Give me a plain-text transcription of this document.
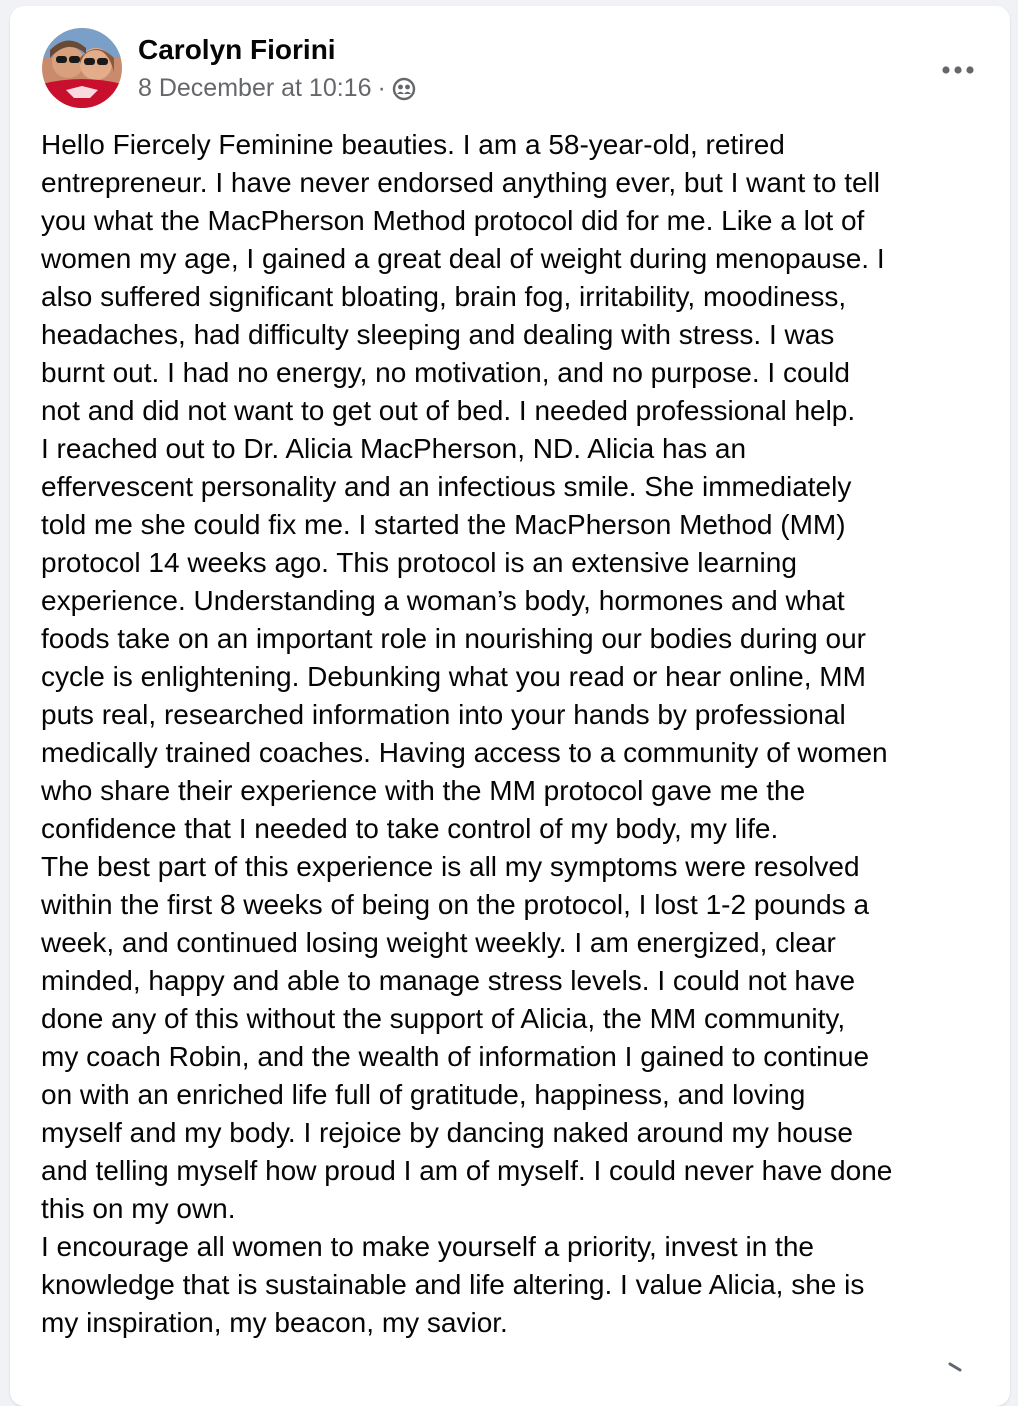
Carolyn Fiorini
8 December at 10:16 ·

Hello Fiercely Feminine beauties. I am a 58-year-old, retired

entrepreneur. I have never endorsed anything ever, but I want to tell

you what the MacPherson Method protocol did for me. Like a lot of

women my age, I gained a great deal of weight during menopause. I

also suffered significant bloating, brain fog, irritability, moodiness,

headaches, had difficulty sleeping and dealing with stress. I was

burnt out. I had no energy, no motivation, and no purpose. I could

not and did not want to get out of bed. I needed professional help.

I reached out to Dr. Alicia MacPherson, ND. Alicia has an

effervescent personality and an infectious smile. She immediately

told me she could fix me. I started the MacPherson Method (MM)

protocol 14 weeks ago. This protocol is an extensive learning

experience. Understanding a woman’s body, hormones and what

foods take on an important role in nourishing our bodies during our

cycle is enlightening. Debunking what you read or hear online, MM

puts real, researched information into your hands by professional

medically trained coaches. Having access to a community of women

who share their experience with the MM protocol gave me the

confidence that I needed to take control of my body, my life.

The best part of this experience is all my symptoms were resolved

within the first 8 weeks of being on the protocol, I lost 1-2 pounds a

week, and continued losing weight weekly. I am energized, clear

minded, happy and able to manage stress levels. I could not have

done any of this without the support of Alicia, the MM community,

my coach Robin, and the wealth of information I gained to continue

on with an enriched life full of gratitude, happiness, and loving

myself and my body. I rejoice by dancing naked around my house

and telling myself how proud I am of myself. I could never have done

this on my own.

I encourage all women to make yourself a priority, invest in the

knowledge that is sustainable and life altering. I value Alicia, she is

my inspiration, my beacon, my savior.
